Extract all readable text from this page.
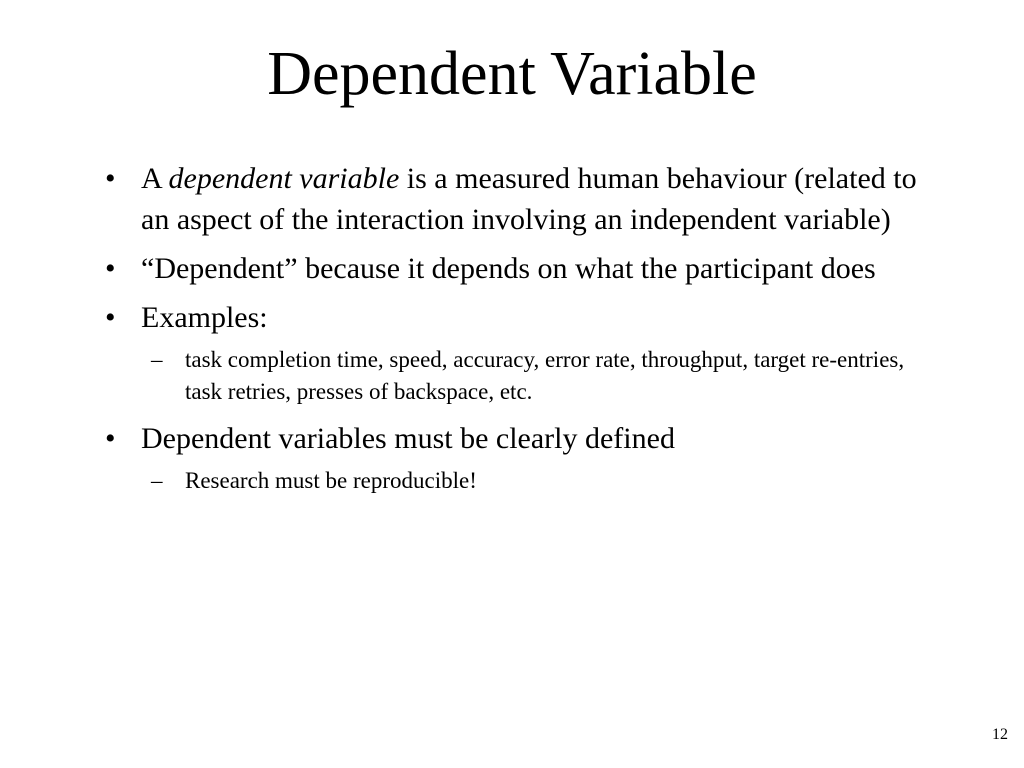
Dependent Variable
• A dependent variable is a measured human behaviour (related to an aspect of the interaction involving an independent variable)
• “Dependent” because it depends on what the participant does
• Examples:
– task completion time, speed, accuracy, error rate, throughput, target re-entries, task retries, presses of backspace, etc.
• Dependent variables must be clearly defined
– Research must be reproducible!
12
